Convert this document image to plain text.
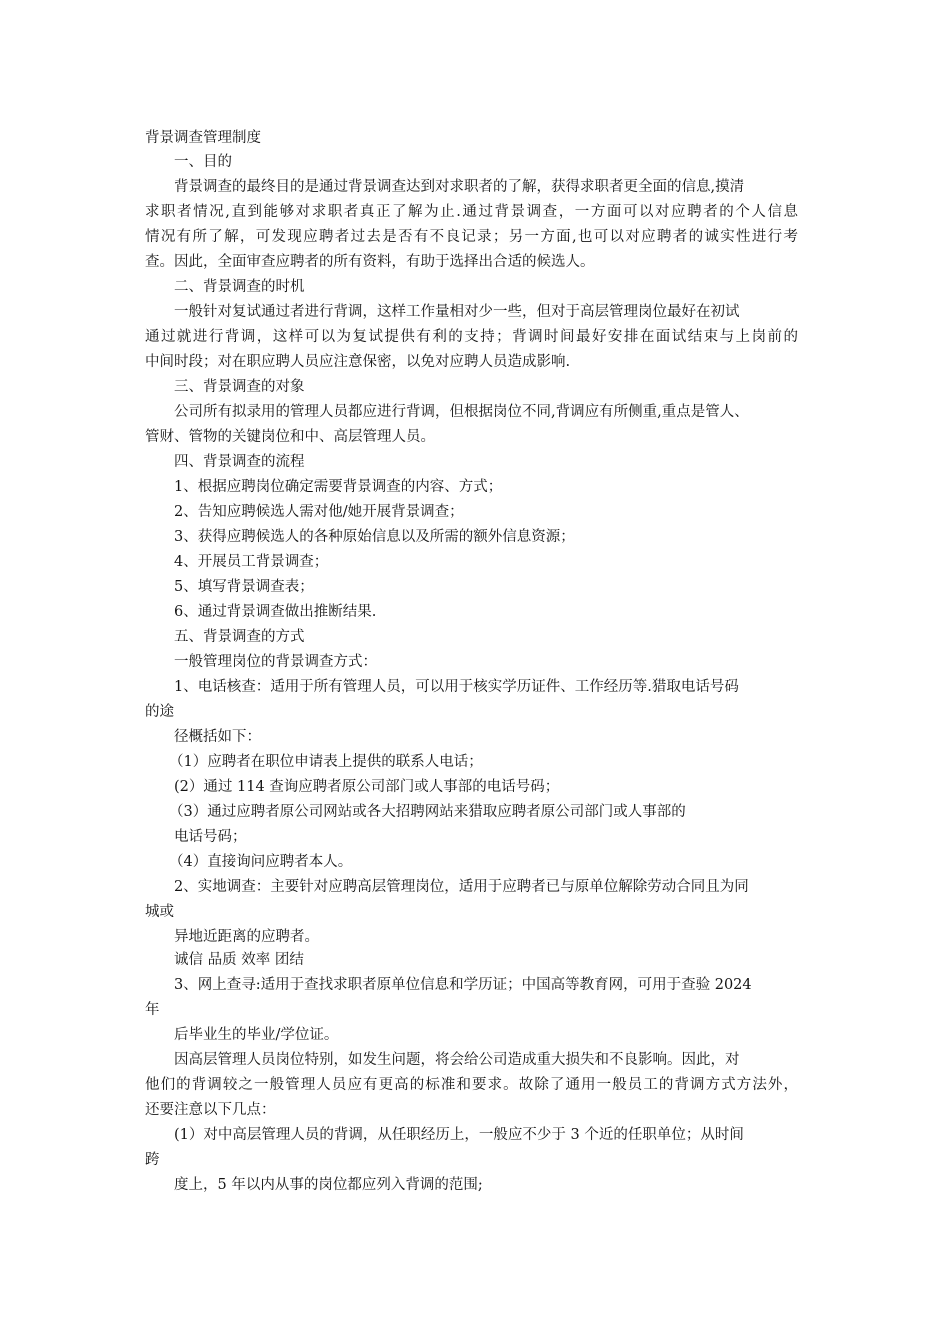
背景调查管理制度
一、目的
背景调查的最终目的是通过背景调查达到对求职者的了解，获得求职者更全面的信息,摸清
求职者情况,直到能够对求职者真正了解为止.通过背景调查，一方面可以对应聘者的个人信息
情况有所了解，可发现应聘者过去是否有不良记录；另一方面,也可以对应聘者的诚实性进行考
查。因此，全面审查应聘者的所有资料，有助于选择出合适的候选人。
二、背景调查的时机
一般针对复试通过者进行背调，这样工作量相对少一些，但对于高层管理岗位最好在初试
通过就进行背调，这样可以为复试提供有利的支持；背调时间最好安排在面试结束与上岗前的
中间时段；对在职应聘人员应注意保密，以免对应聘人员造成影响.
三、背景调查的对象
公司所有拟录用的管理人员都应进行背调，但根据岗位不同,背调应有所侧重,重点是管人、
管财、管物的关键岗位和中、高层管理人员。
四、背景调查的流程
1、根据应聘岗位确定需要背景调查的内容、方式；
2、告知应聘候选人需对他/她开展背景调查；
3、获得应聘候选人的各种原始信息以及所需的额外信息资源；
4、开展员工背景调查；
5、填写背景调查表；
6、通过背景调查做出推断结果.
五、背景调查的方式
一般管理岗位的背景调查方式：
1、电话核查：适用于所有管理人员，可以用于核实学历证件、工作经历等.猎取电话号码
的途
径概括如下：
（1）应聘者在职位申请表上提供的联系人电话；
(2）通过 114 查询应聘者原公司部门或人事部的电话号码；
（3）通过应聘者原公司网站或各大招聘网站来猎取应聘者原公司部门或人事部的
电话号码；
（4）直接询问应聘者本人。
2、实地调查：主要针对应聘高层管理岗位，适用于应聘者已与原单位解除劳动合同且为同
城或
异地近距离的应聘者。
诚信 品质 效率 团结
3、网上查寻:适用于查找求职者原单位信息和学历证；中国高等教育网，可用于查验 2024
年
后毕业生的毕业/学位证。
因高层管理人员岗位特别，如发生问题，将会给公司造成重大损失和不良影响。因此，对
他们的背调较之一般管理人员应有更高的标准和要求。故除了通用一般员工的背调方式方法外，
还要注意以下几点：
(1）对中高层管理人员的背调，从任职经历上，一般应不少于 3 个近的任职单位；从时间
跨
度上，5 年以内从事的岗位都应列入背调的范围;
